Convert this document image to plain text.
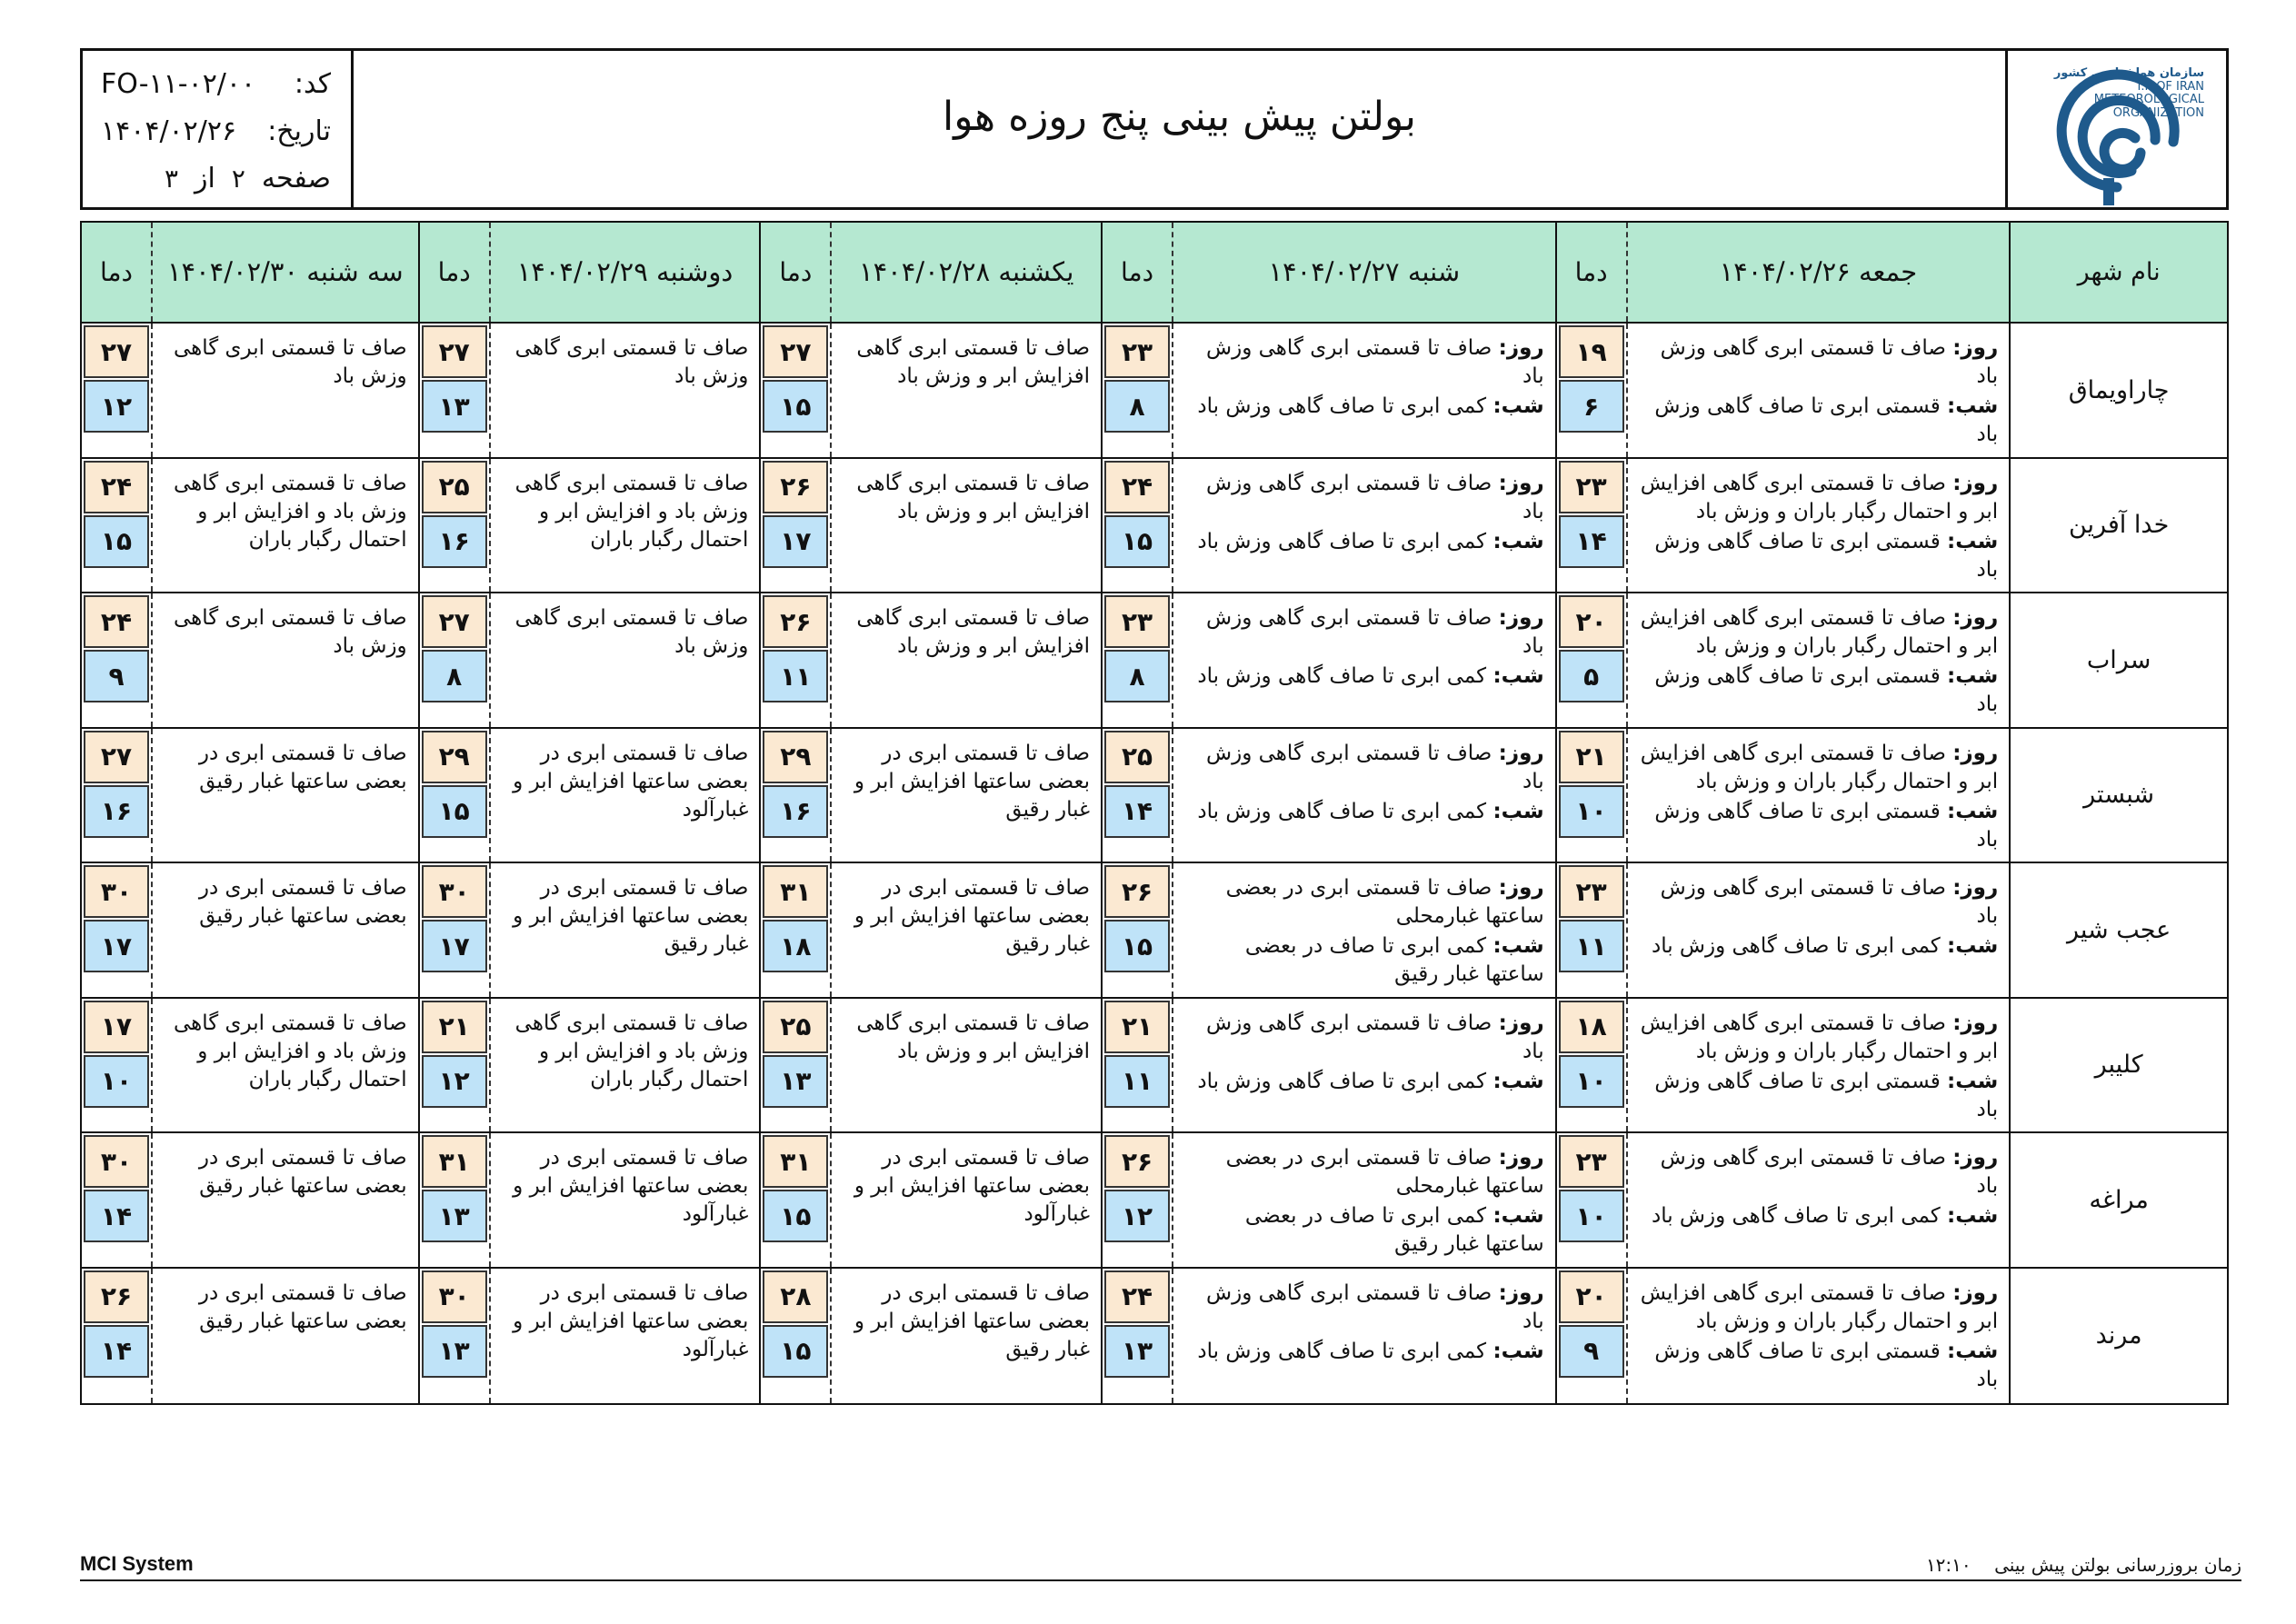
سازمان هواشناسی کشور
I.R.OF IRAN
METEOROLOGICAL
ORGANIZATION
بولتن پیش بینی پنج روزه هوا
کد:
FO-۱۱-۰۲/۰۰
تاریخ:
۱۴۰۴/۰۲/۲۶
صفحه
۲
از
۳
نام شهر
جمعه ۱۴۰۴/۰۲/۲۶
دما
شنبه ۱۴۰۴/۰۲/۲۷
دما
یکشنبه ۱۴۰۴/۰۲/۲۸
دما
دوشنبه ۱۴۰۴/۰۲/۲۹
دما
سه شنبه ۱۴۰۴/۰۲/۳۰
دما
چاراویماق
روز: صاف تا قسمتی ابری گاهی وزش باد
شب: قسمتی ابری تا صاف گاهی وزش باد
۱۹
۶
روز: صاف تا قسمتی ابری گاهی وزش باد
شب: کمی ابری تا صاف گاهی وزش باد
۲۳
۸
صاف تا قسمتی ابری گاهی افزایش ابر و وزش باد
۲۷
۱۵
صاف تا قسمتی ابری گاهی وزش باد
۲۷
۱۳
صاف تا قسمتی ابری گاهی وزش باد
۲۷
۱۲
خدا آفرین
روز: صاف تا قسمتی ابری گاهی افزایش ابر و احتمال رگبار باران و وزش باد
شب: قسمتی ابری تا صاف گاهی وزش باد
۲۳
۱۴
روز: صاف تا قسمتی ابری گاهی وزش باد
شب: کمی ابری تا صاف گاهی وزش باد
۲۴
۱۵
صاف تا قسمتی ابری گاهی افزایش ابر و وزش باد
۲۶
۱۷
صاف تا قسمتی ابری گاهی وزش باد و افزایش ابر و احتمال رگبار باران
۲۵
۱۶
صاف تا قسمتی ابری گاهی وزش باد و افزایش ابر و احتمال رگبار باران
۲۴
۱۵
سراب
روز: صاف تا قسمتی ابری گاهی افزایش ابر و احتمال رگبار باران و وزش باد
شب: قسمتی ابری تا صاف گاهی وزش باد
۲۰
۵
روز: صاف تا قسمتی ابری گاهی وزش باد
شب: کمی ابری تا صاف گاهی وزش باد
۲۳
۸
صاف تا قسمتی ابری گاهی افزایش ابر و وزش باد
۲۶
۱۱
صاف تا قسمتی ابری گاهی وزش باد
۲۷
۸
صاف تا قسمتی ابری گاهی وزش باد
۲۴
۹
شبستر
روز: صاف تا قسمتی ابری گاهی افزایش ابر و احتمال رگبار باران و وزش باد
شب: قسمتی ابری تا صاف گاهی وزش باد
۲۱
۱۰
روز: صاف تا قسمتی ابری گاهی وزش باد
شب: کمی ابری تا صاف گاهی وزش باد
۲۵
۱۴
صاف تا قسمتی ابری در بعضی ساعتها افزایش ابر و غبار رقیق
۲۹
۱۶
صاف تا قسمتی ابری در بعضی ساعتها افزایش ابر و غبارآلود
۲۹
۱۵
صاف تا قسمتی ابری در بعضی ساعتها غبار رقیق
۲۷
۱۶
عجب شیر
روز: صاف تا قسمتی ابری گاهی وزش باد
شب: کمی ابری تا صاف گاهی وزش باد
۲۳
۱۱
روز: صاف تا قسمتی ابری در بعضی ساعتها غبارمحلی
شب: کمی ابری تا صاف در بعضی ساعتها غبار رقیق
۲۶
۱۵
صاف تا قسمتی ابری در بعضی ساعتها افزایش ابر و غبار رقیق
۳۱
۱۸
صاف تا قسمتی ابری در بعضی ساعتها افزایش ابر و غبار رقیق
۳۰
۱۷
صاف تا قسمتی ابری در بعضی ساعتها غبار رقیق
۳۰
۱۷
کلیبر
روز: صاف تا قسمتی ابری گاهی افزایش ابر و احتمال رگبار باران و وزش باد
شب: قسمتی ابری تا صاف گاهی وزش باد
۱۸
۱۰
روز: صاف تا قسمتی ابری گاهی وزش باد
شب: کمی ابری تا صاف گاهی وزش باد
۲۱
۱۱
صاف تا قسمتی ابری گاهی افزایش ابر و وزش باد
۲۵
۱۳
صاف تا قسمتی ابری گاهی وزش باد و افزایش ابر و احتمال رگبار باران
۲۱
۱۲
صاف تا قسمتی ابری گاهی وزش باد و افزایش ابر و احتمال رگبار باران
۱۷
۱۰
مراغه
روز: صاف تا قسمتی ابری گاهی وزش باد
شب: کمی ابری تا صاف گاهی وزش باد
۲۳
۱۰
روز: صاف تا قسمتی ابری در بعضی ساعتها غبارمحلی
شب: کمی ابری تا صاف در بعضی ساعتها غبار رقیق
۲۶
۱۲
صاف تا قسمتی ابری در بعضی ساعتها افزایش ابر و غبارآلود
۳۱
۱۵
صاف تا قسمتی ابری در بعضی ساعتها افزایش ابر و غبارآلود
۳۱
۱۳
صاف تا قسمتی ابری در بعضی ساعتها غبار رقیق
۳۰
۱۴
مرند
روز: صاف تا قسمتی ابری گاهی افزایش ابر و احتمال رگبار باران و وزش باد
شب: قسمتی ابری تا صاف گاهی وزش باد
۲۰
۹
روز: صاف تا قسمتی ابری گاهی وزش باد
شب: کمی ابری تا صاف گاهی وزش باد
۲۴
۱۳
صاف تا قسمتی ابری در بعضی ساعتها افزایش ابر و غبار رقیق
۲۸
۱۵
صاف تا قسمتی ابری در بعضی ساعتها افزایش ابر و غبارآلود
۳۰
۱۳
صاف تا قسمتی ابری در بعضی ساعتها غبار رقیق
۲۶
۱۴
MCI System	زمان بروزرسانی بولتن پیش بینی    ۱۲:۱۰
